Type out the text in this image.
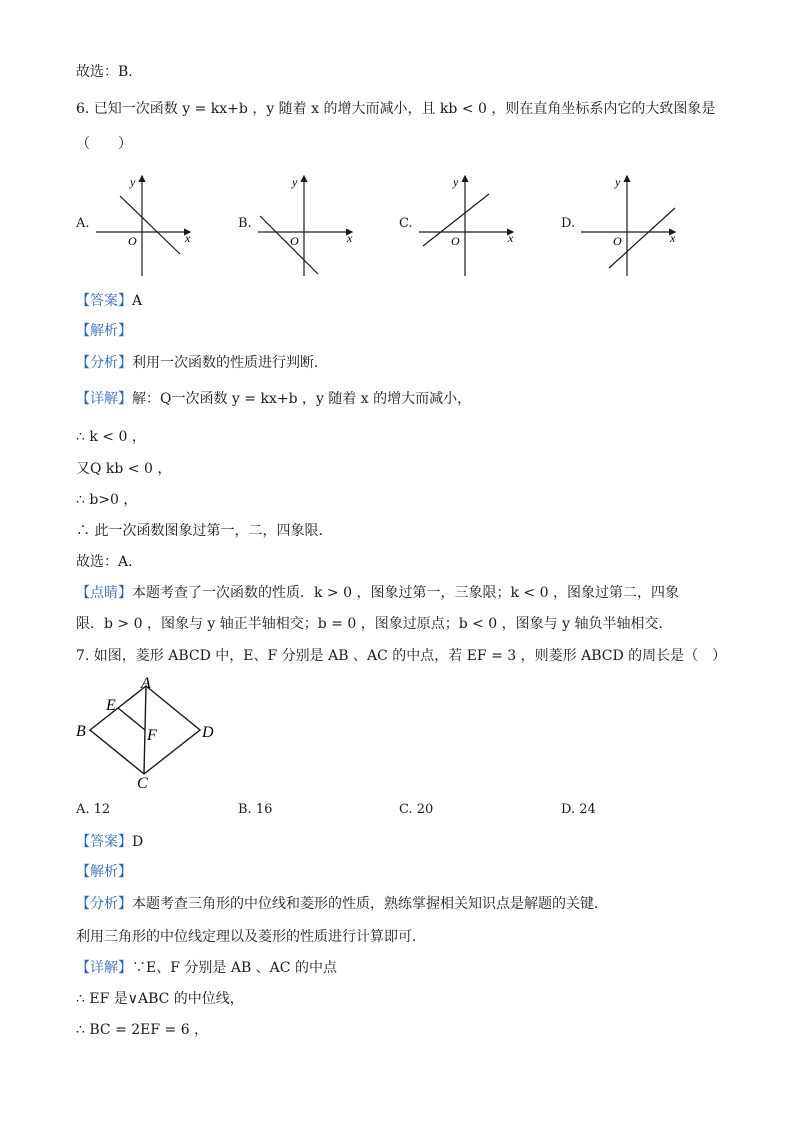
故选：B．
6. 已知一次函数 y = kx+b ，y 随着 x 的增大而减小，且 kb < 0 ，则在直角坐标系内它的大致图象是
（　　）
A.
y
x
O
B.
y
x
O
C.
y
x
O
D.
y
x
O
【答案】A
【解析】
【分析】利用一次函数的性质进行判断．
【详解】解：Q一次函数 y = kx+b ，y 随着 x 的增大而减小，
∴ k < 0 ，
又Q kb < 0 ，
∴ b>0 ，
∴ 此一次函数图象过第一，二，四象限．
故选：A．
【点睛】本题考查了一次函数的性质．k > 0 ，图象过第一，三象限；k < 0 ，图象过第二，四象
限．b > 0 ，图象与 y 轴正半轴相交；b = 0 ，图象过原点；b < 0 ，图象与 y 轴负半轴相交．
7. 如图，菱形 ABCD 中，E、F 分别是 AB 、AC 的中点，若 EF = 3 ，则菱形 ABCD 的周长是（　）
A
B
C
D
E
F
A. 12	B. 16	C. 20	D. 24
【答案】D
【解析】
【分析】本题考查三角形的中位线和菱形的性质，熟练掌握相关知识点是解题的关键．
利用三角形的中位线定理以及菱形的性质进行计算即可．
【详解】∵E、F 分别是 AB 、AC 的中点
∴ EF 是∨ABC 的中位线，
∴ BC = 2EF = 6 ，
